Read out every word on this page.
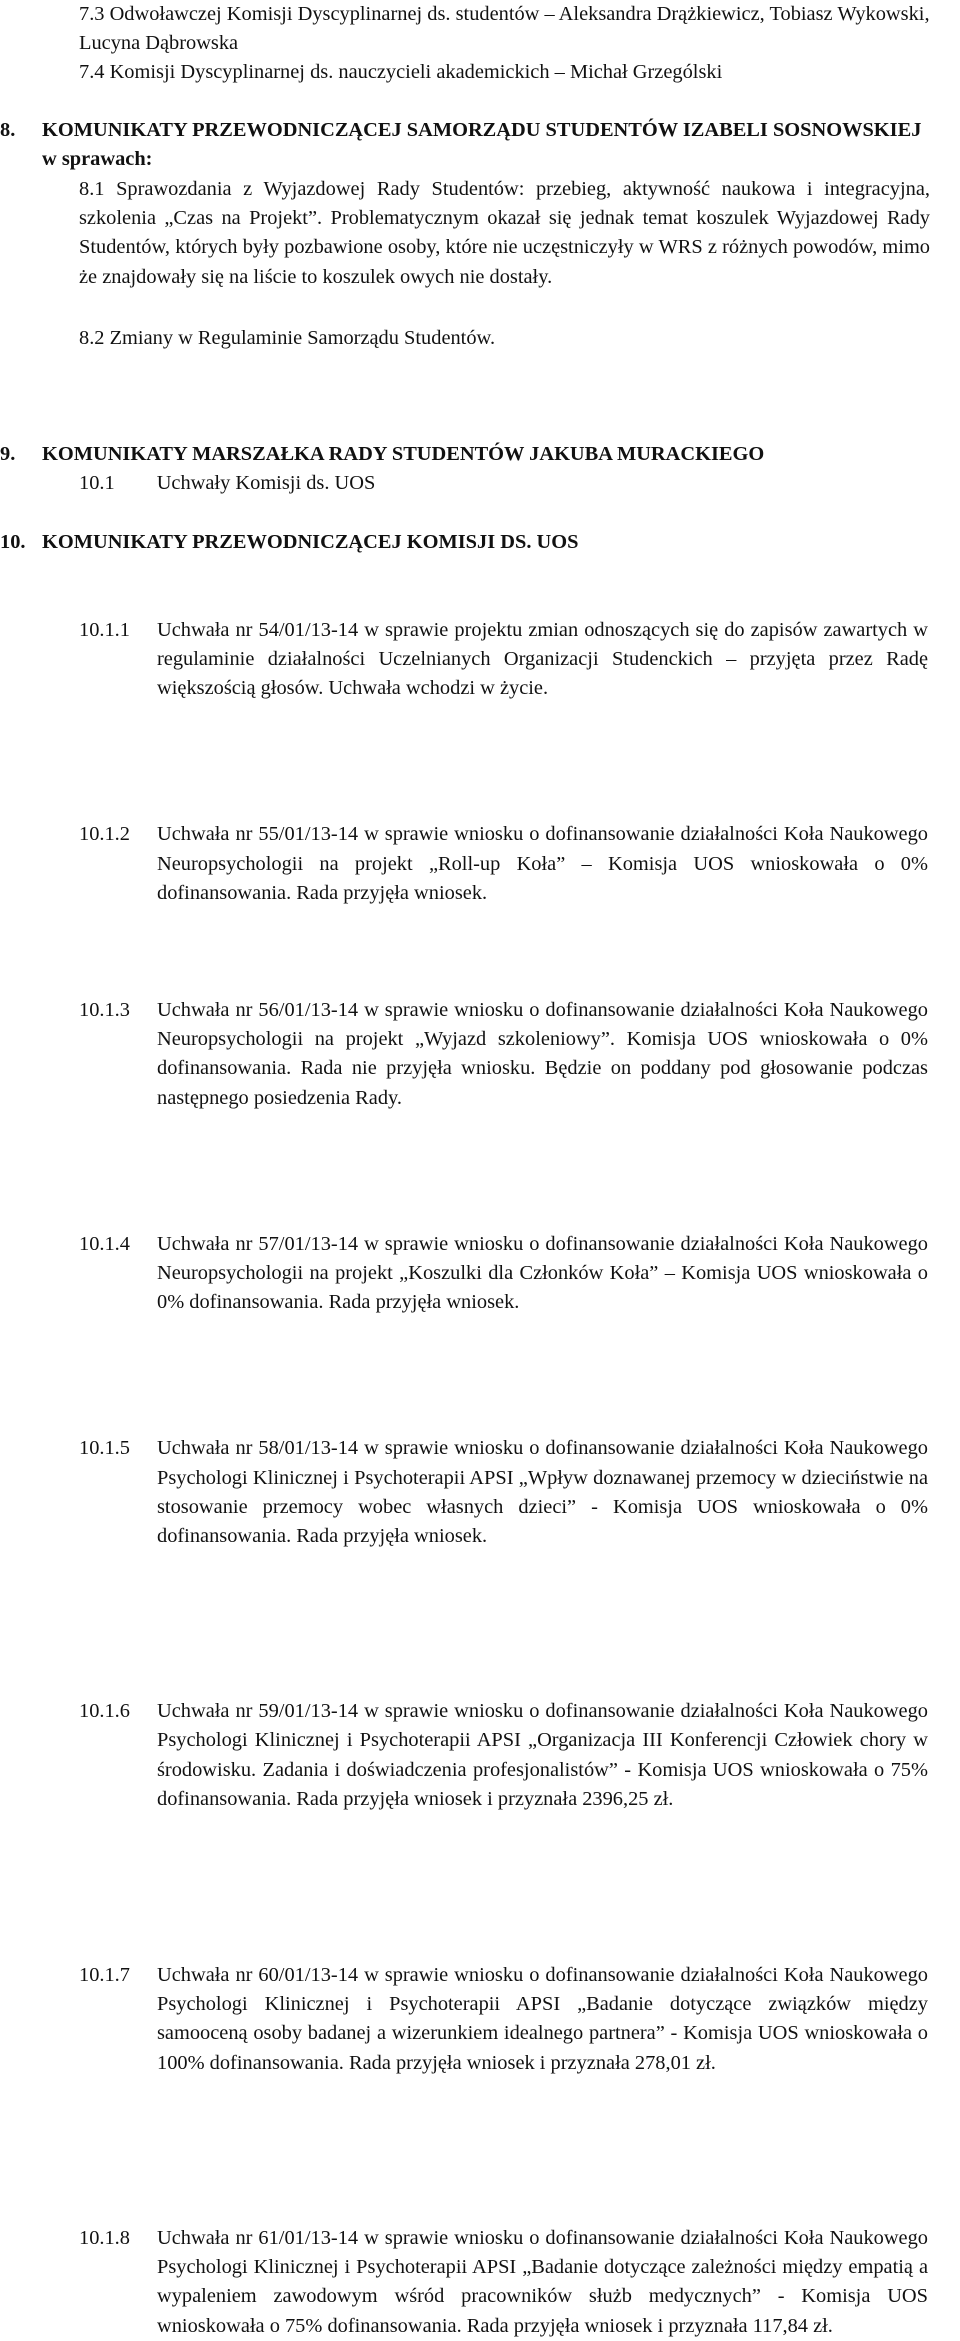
7.3 Odwoławczej Komisji Dyscyplinarnej ds. studentów – Aleksandra Drążkiewicz, Tobiasz Wykowski, Lucyna Dąbrowska

7.4 Komisji Dyscyplinarnej ds. nauczycieli akademickich – Michał Grzególski

8. KOMUNIKATY PRZEWODNICZĄCEJ SAMORZĄDU STUDENTÓW IZABELI SOSNOWSKIEJ w sprawach:

8.1 Sprawozdania z Wyjazdowej Rady Studentów: przebieg, aktywność naukowa i integracyjna, szkolenia „Czas na Projekt”. Problematycznym okazał się jednak temat koszulek Wyjazdowej Rady Studentów, których były pozbawione osoby, które nie uczęstniczyły w WRS z różnych powodów, mimo że znajdowały się na liście to koszulek owych nie dostały.

8.2 Zmiany w Regulaminie Samorządu Studentów.

9. KOMUNIKATY MARSZAŁKA RADY STUDENTÓW JAKUBA MURACKIEGO
10. KOMUNIKATY PRZEWODNICZĄCEJ KOMISJI DS. UOS
10.1 Uchwały Komisji ds. UOS
10.1.1 Uchwała nr 54/01/13-14 w sprawie projektu zmian odnoszących się do zapisów zawartych w regulaminie działalności Uczelnianych Organizacji Studenckich – przyjęta przez Radę większością głosów. Uchwała wchodzi w życie.

10.1.2 Uchwała nr 55/01/13-14 w sprawie wniosku o dofinansowanie działalności Koła Naukowego Neuropsychologii na projekt „Roll-up Koła” – Komisja UOS wnioskowała o 0% dofinansowania. Rada przyjęła wniosek.

10.1.3 Uchwała nr 56/01/13-14 w sprawie wniosku o dofinansowanie działalności Koła Naukowego Neuropsychologii na projekt „Wyjazd szkoleniowy”. Komisja UOS wnioskowała o 0% dofinansowania. Rada nie przyjęła wniosku. Będzie on poddany pod głosowanie podczas następnego posiedzenia Rady.

10.1.4 Uchwała nr 57/01/13-14 w sprawie wniosku o dofinansowanie działalności Koła Naukowego Neuropsychologii na projekt „Koszulki dla Członków Koła” – Komisja UOS wnioskowała o 0% dofinansowania. Rada przyjęła wniosek.

10.1.5 Uchwała nr 58/01/13-14 w sprawie wniosku o dofinansowanie działalności Koła Naukowego Psychologi Klinicznej i Psychoterapii APSI „Wpływ doznawanej przemocy w dzieciństwie na stosowanie przemocy wobec własnych dzieci” - Komisja UOS wnioskowała o 0% dofinansowania. Rada przyjęła wniosek.

10.1.6 Uchwała nr 59/01/13-14 w sprawie wniosku o dofinansowanie działalności Koła Naukowego Psychologi Klinicznej i Psychoterapii APSI „Organizacja III Konferencji Człowiek chory w środowisku. Zadania i doświadczenia profesjonalistów” - Komisja UOS wnioskowała o 75% dofinansowania. Rada przyjęła wniosek i przyznała 2396,25 zł.

10.1.7 Uchwała nr 60/01/13-14 w sprawie wniosku o dofinansowanie działalności Koła Naukowego Psychologi Klinicznej i Psychoterapii APSI „Badanie dotyczące związków między samooceną osoby badanej a wizerunkiem idealnego partnera” - Komisja UOS wnioskowała o 100% dofinansowania. Rada przyjęła wniosek i przyznała 278,01 zł.

10.1.8 Uchwała nr 61/01/13-14 w sprawie wniosku o dofinansowanie działalności Koła Naukowego Psychologi Klinicznej i Psychoterapii APSI „Badanie dotyczące zależności między empatią a wypaleniem zawodowym wśród pracowników służb medycznych” - Komisja UOS wnioskowała o 75% dofinansowania. Rada przyjęła wniosek i przyznała 117,84 zł.
